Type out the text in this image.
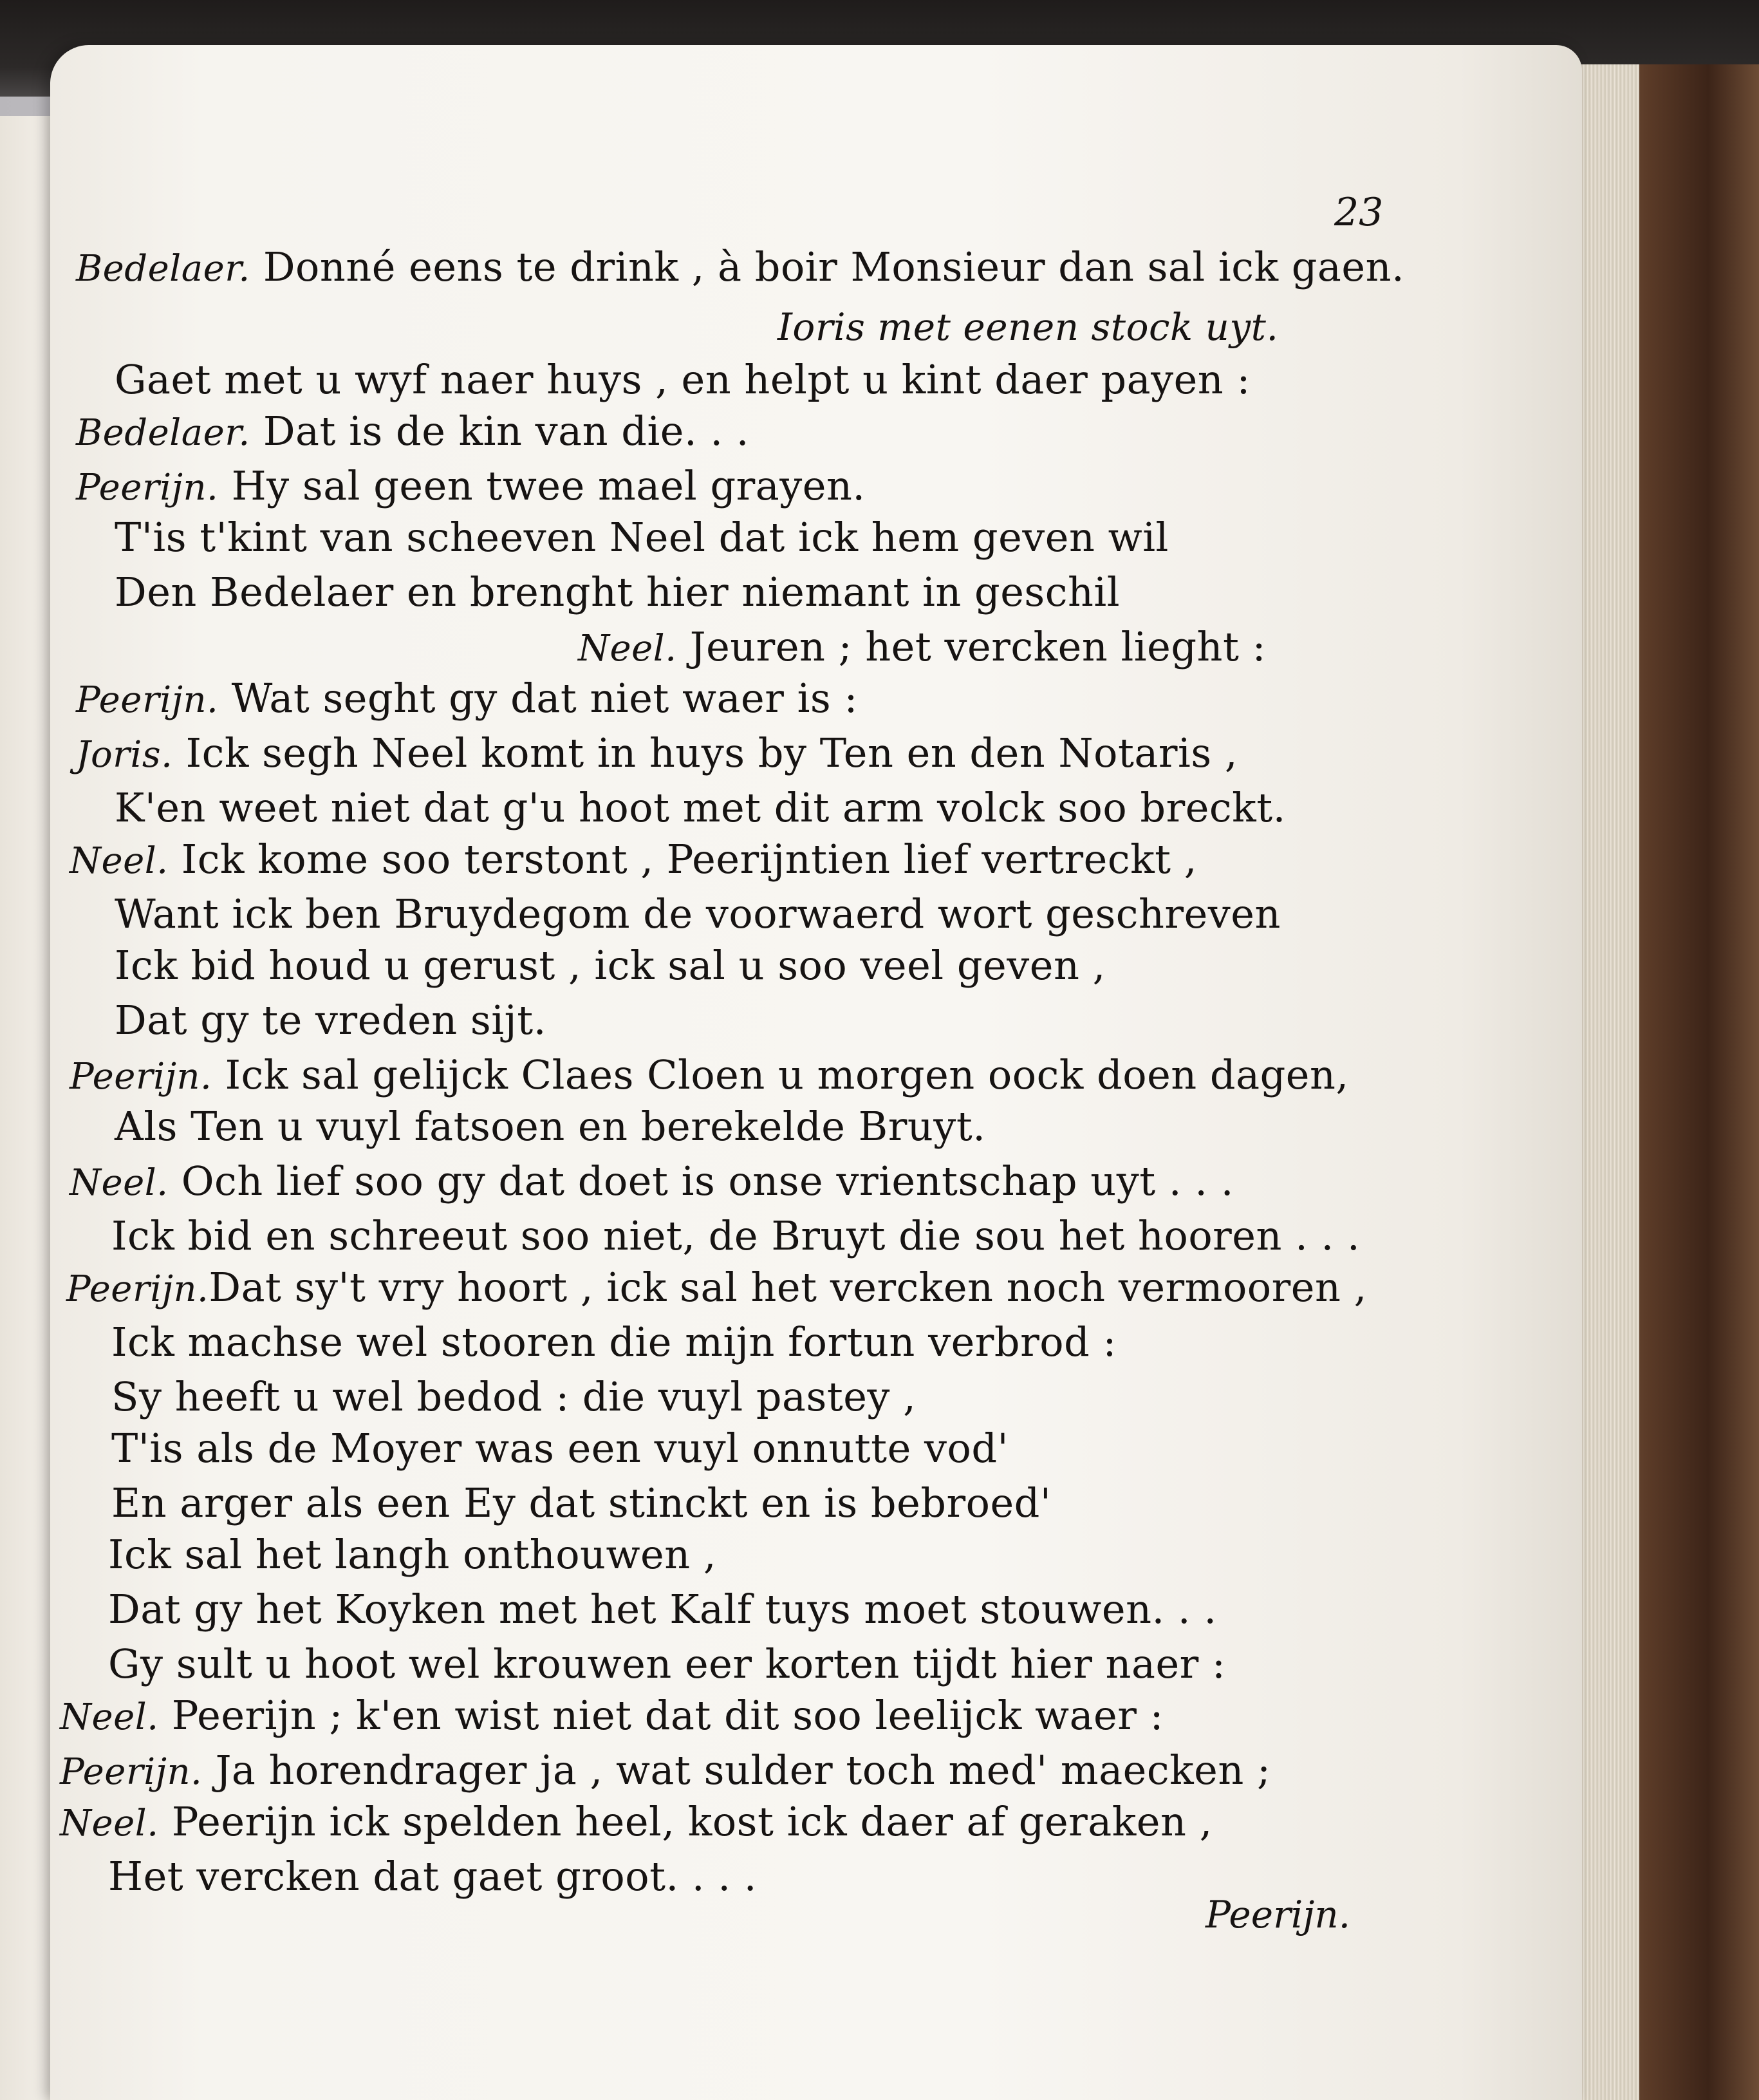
23
Bedelaer. Donné eens te drink , à boir Monsieur dan sal ick gaen.
Ioris met eenen stock uyt.
Gaet met u wyf naer huys , en helpt u kint daer payen :
Bedelaer. Dat is de kin van die. . .
Peerijn. Hy sal geen twee mael grayen.
T'is t'kint van scheeven Neel dat ick hem geven wil
Den Bedelaer en brenght hier niemant in geschil
Neel. Jeuren ; het vercken lieght :
Peerijn. Wat seght gy dat niet waer is :
Joris. Ick segh Neel komt in huys by Ten en den Notaris ,
K'en weet niet dat g'u hoot met dit arm volck soo breckt.
Neel. Ick kome soo terstont , Peerijntien lief vertreckt ,
Want ick ben Bruydegom de voorwaerd wort geschreven
Ick bid houd u gerust , ick sal u soo veel geven ,
Dat gy te vreden sijt.
Peerijn. Ick sal gelijck Claes Cloen u morgen oock doen dagen,
Als Ten u vuyl fatsoen en berekelde Bruyt.
Neel. Och lief soo gy dat doet is onse vrientschap uyt . . .
Ick bid en schreeut soo niet, de Bruyt die sou het hooren . . .
Peerijn.Dat sy't vry hoort , ick sal het vercken noch vermooren ,
Ick machse wel stooren die mijn fortun verbrod :
Sy heeft u wel bedod : die vuyl pastey ,
T'is als de Moyer was een vuyl onnutte vod'
En arger als een Ey dat stinckt en is bebroed'
Ick sal het langh onthouwen ,
Dat gy het Koyken met het Kalf tuys moet stouwen. . .
Gy sult u hoot wel krouwen eer korten tijdt hier naer :
Neel. Peerijn ; k'en wist niet dat dit soo leelijck waer :
Peerijn. Ja horendrager ja , wat sulder toch med' maecken ;
Neel. Peerijn ick spelden heel, kost ick daer af geraken ,
Het vercken dat gaet groot. . . .
Peerijn.
